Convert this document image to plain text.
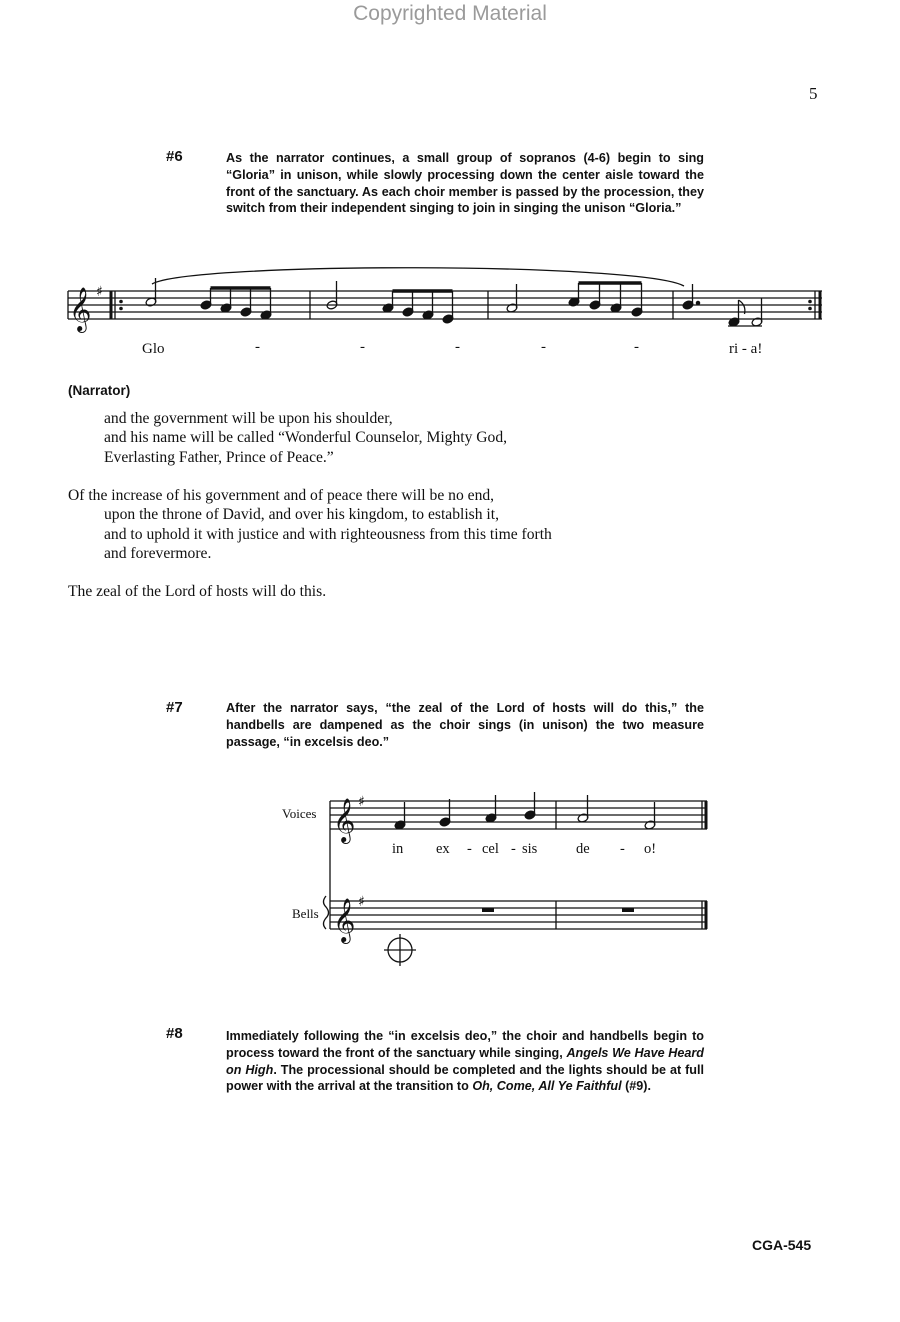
Copyrighted Material
5
#6	As the narrator continues, a small group of sopranos (4-6) begin to sing “Gloria” in unison, while slowly processing down the center aisle toward the front of the sanctuary. As each choir member is passed by the procession, they switch from their independent singing to join in singing the unison “Gloria.”
𝄞 ♯
Glo	-	-	-	-	-	ri - a!
(Narrator)
and the government will be upon his shoulder,
and his name will be called “Wonderful Counselor, Mighty God,
Everlasting Father, Prince of Peace.”
Of the increase of his government and of peace there will be no end,
upon the throne of David, and over his kingdom, to establish it,
and to uphold it with justice and with righteousness from this time forth
and forevermore.
The zeal of the Lord of hosts will do this.
#7	After the narrator says, “the zeal of the Lord of hosts will do this,” the handbells are dampened as the choir sings (in unison) the two measure passage, “in excelsis deo.”
𝄞 ♯
𝄞 ♯
Voices
Bells
in ex - cel - sis	de - o!
#8	Immediately following the “in excelsis deo,” the choir and handbells begin to process toward the front of the sanctuary while singing, Angels We Have Heard on High. The processional should be completed and the lights should be at full power with the arrival at the transition to Oh, Come, All Ye Faithful (#9).
CGA-545
